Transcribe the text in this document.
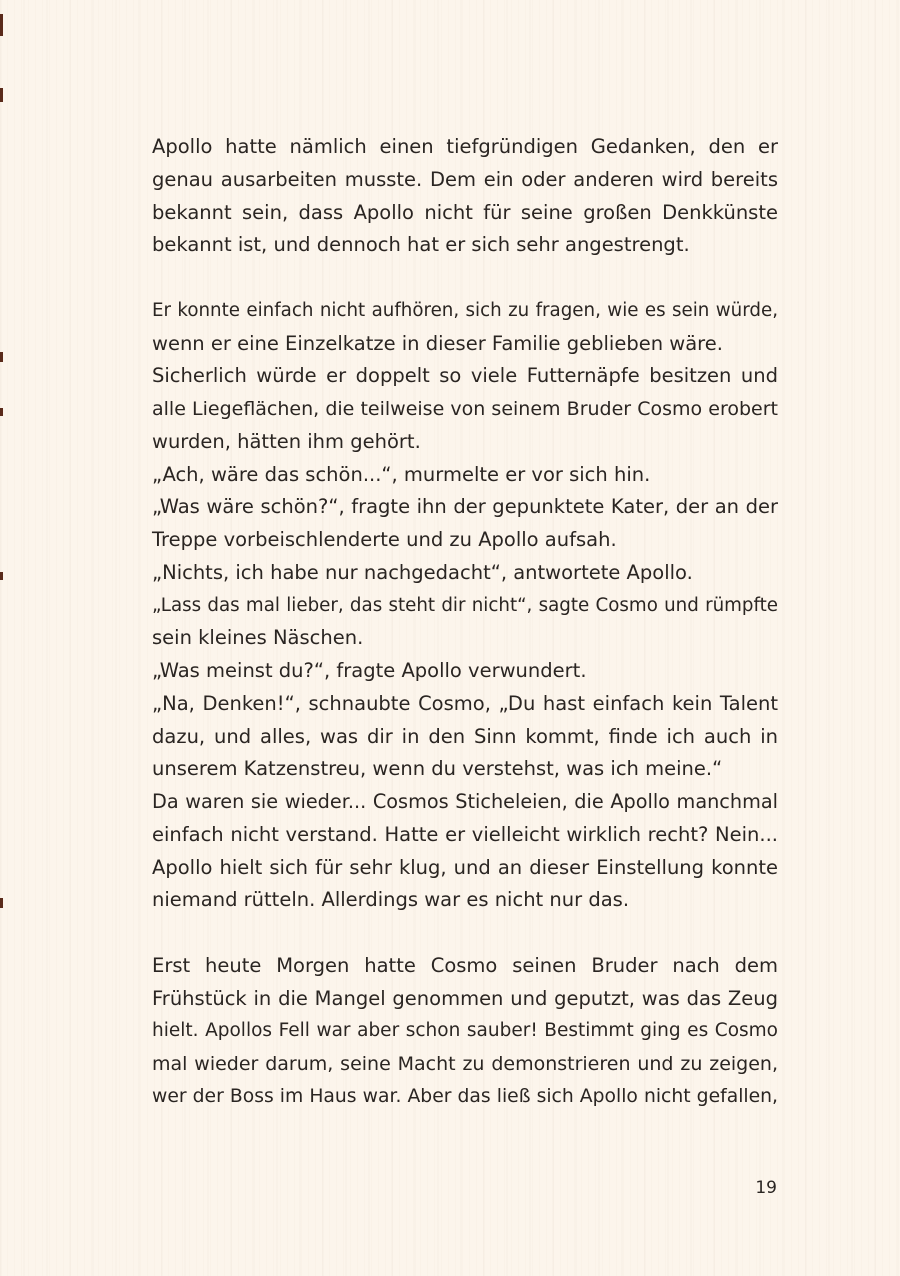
Apollo hatte nämlich einen tiefgründigen Gedanken, den er
genau ausarbeiten musste. Dem ein oder anderen wird bereits
bekannt sein, dass Apollo nicht für seine großen Denkkünste
bekannt ist, und dennoch hat er sich sehr angestrengt.
Er konnte einfach nicht aufhören, sich zu fragen, wie es sein würde,
wenn er eine Einzelkatze in dieser Familie geblieben wäre.
Sicherlich würde er doppelt so viele Futternäpfe besitzen und
alle Liegeflächen, die teilweise von seinem Bruder Cosmo erobert
wurden, hätten ihm gehört.
„Ach, wäre das schön...“, murmelte er vor sich hin.
„Was wäre schön?“, fragte ihn der gepunktete Kater, der an der
Treppe vorbeischlenderte und zu Apollo aufsah.
„Nichts, ich habe nur nachgedacht“, antwortete Apollo.
„Lass das mal lieber, das steht dir nicht“, sagte Cosmo und rümpfte
sein kleines Näschen.
„Was meinst du?“, fragte Apollo verwundert.
„Na, Denken!“, schnaubte Cosmo, „Du hast einfach kein Talent
dazu, und alles, was dir in den Sinn kommt, finde ich auch in
unserem Katzenstreu, wenn du verstehst, was ich meine.“
Da waren sie wieder... Cosmos Sticheleien, die Apollo manchmal
einfach nicht verstand. Hatte er vielleicht wirklich recht? Nein...
Apollo hielt sich für sehr klug, und an dieser Einstellung konnte
niemand rütteln. Allerdings war es nicht nur das.
Erst heute Morgen hatte Cosmo seinen Bruder nach dem
Frühstück in die Mangel genommen und geputzt, was das Zeug
hielt. Apollos Fell war aber schon sauber! Bestimmt ging es Cosmo
mal wieder darum, seine Macht zu demonstrieren und zu zeigen,
wer der Boss im Haus war. Aber das ließ sich Apollo nicht gefallen,
19
